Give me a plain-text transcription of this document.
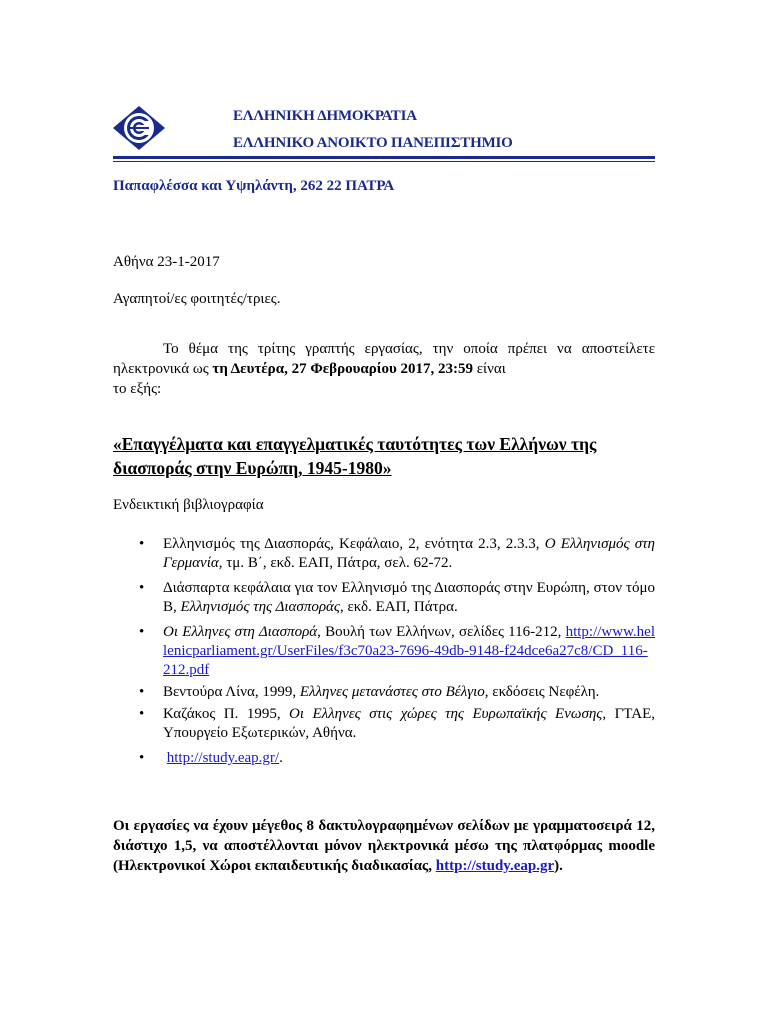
ΕΛΛΗΝΙΚΗ ΔΗΜΟΚΡΑΤΙΑ
ΕΛΛΗΝΙΚΟ ΑΝΟΙΚΤΟ ΠΑΝΕΠΙΣΤΗΜΙΟ
Παπαφλέσσα και Υψηλάντη, 262 22 ΠΑΤΡΑ
Αθήνα 23-1-2017
Αγαπητοί/ες φοιτητές/τριες.
Το θέμα της τρίτης γραπτής εργασίας, την οποία πρέπει να αποστείλετε ηλεκτρονικά ως τη Δευτέρα, 27 Φεβρουαρίου 2017, 23:59 είναι
το εξής:
«Επαγγέλματα και επαγγελματικές ταυτότητες των Ελλήνων της διασποράς στην Ευρώπη, 1945-1980»
Ενδεικτική βιβλιογραφία
• Ελληνισμός της Διασποράς, Κεφάλαιο, 2, ενότητα 2.3, 2.3.3, Ο Ελληνισμός στη Γερμανία, τμ. Β΄, εκδ. ΕΑΠ, Πάτρα, σελ. 62-72.
• Διάσπαρτα κεφάλαια για τον Ελληνισμό της Διασποράς στην Ευρώπη, στον τόμο Β, Ελληνισμός της Διασποράς, εκδ. ΕΑΠ, Πάτρα.
• Οι Ελληνες στη Διασπορά, Βουλή των Ελλήνων, σελίδες 116-212, http://www.hellenicparliament.gr/UserFiles/f3c70a23-7696-49db-9148-f24dce6a27c8/CD_116-212.pdf
• Βεντούρα Λίνα, 1999, Ελληνες μετανάστες στο Βέλγιο, εκδόσεις Νεφέλη.
• Καζάκος Π. 1995, Οι Ελληνες στις χώρες της Ευρωπαϊκής Ενωσης, ΓΤΑΕ, Υπουργείο Εξωτερικών, Αθήνα.
• http://study.eap.gr/.
Οι εργασίες να έχουν μέγεθος 8 δακτυλογραφημένων σελίδων με γραμματοσειρά 12, διάστιχο 1,5, να αποστέλλονται μόνον ηλεκτρονικά μέσω της πλατφόρμας moodle (Ηλεκτρονικοί Χώροι εκπαιδευτικής διαδικασίας, http://study.eap.gr).
